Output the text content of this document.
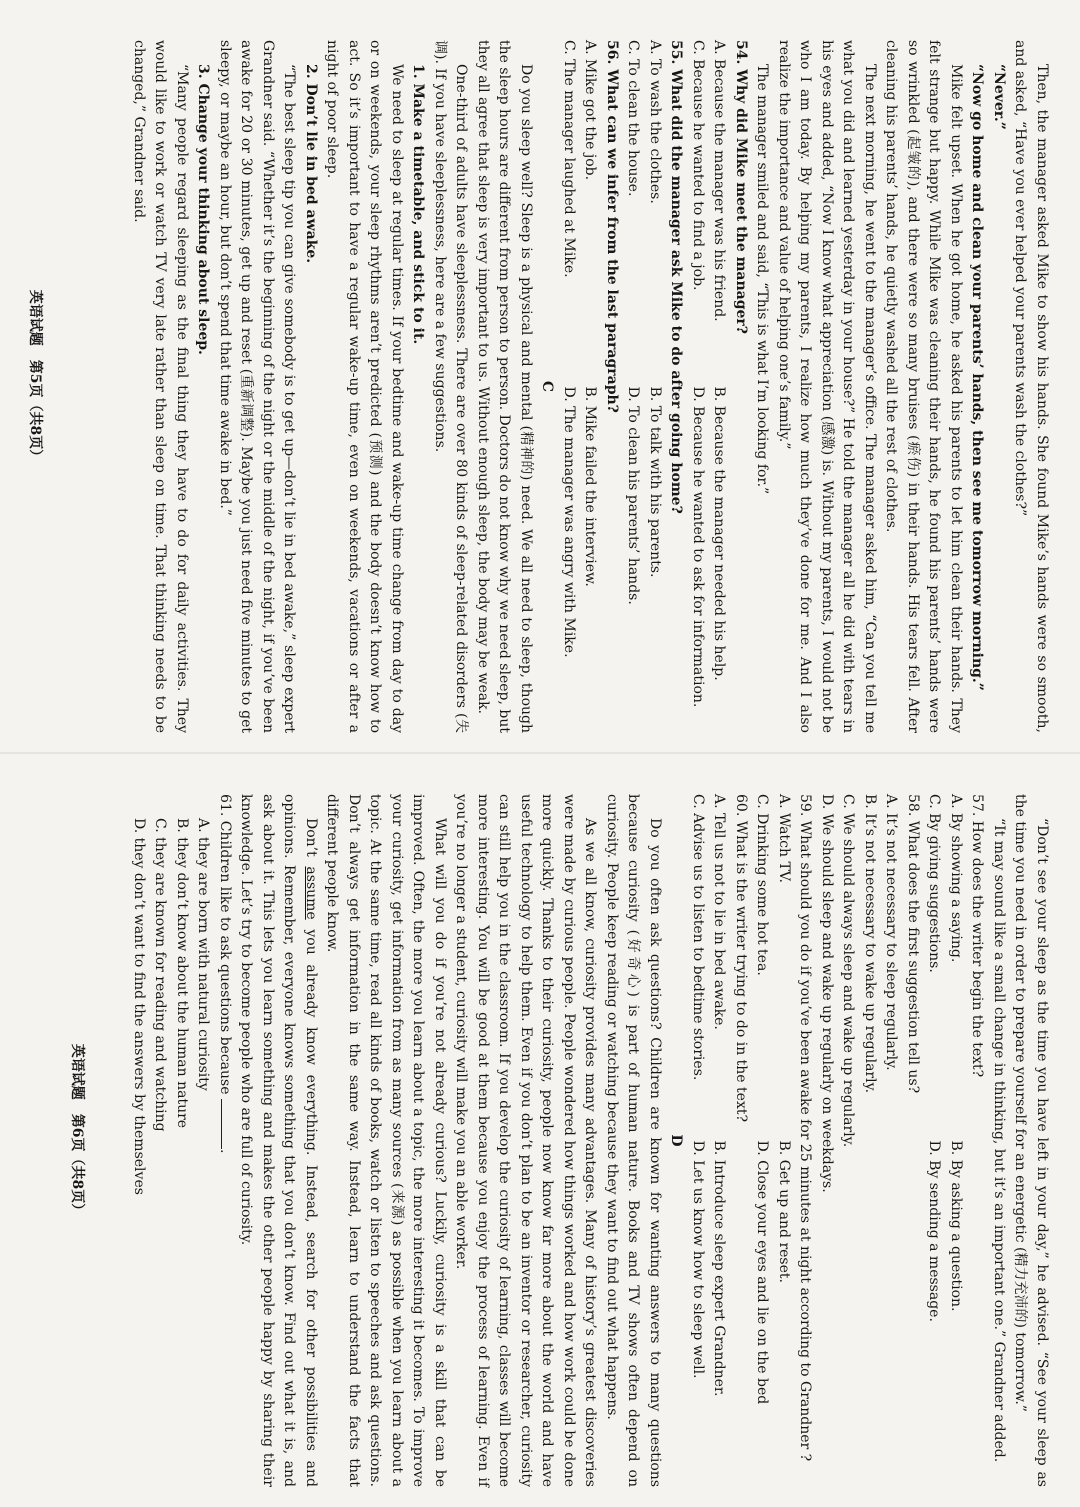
Then, the manager asked Mike to show his hands. She found Mike’s hands were so smooth, and asked, “Have you ever helped your parents wash the clothes?”

“Never.”

“Now go home and clean your parents’ hands, then see me tomorrow morning.”

Mike felt upset. When he got home, he asked his parents to let him clean their hands. They felt strange but happy. While Mike was cleaning their hands, he found his parents’ hands were so wrinkled (起皱的), and there were so many bruises (瘀伤) in their hands. His tears fell. After cleaning his parents’ hands, he quietly washed all the rest of clothes.

The next morning, he went to the manager’s office. The manager asked him, “Can you tell me what you did and learned yesterday in your house?” He told the manager all he did with tears in his eyes and added, “Now I know what appreciation (感激) is. Without my parents, I would not be who I am today. By helping my parents, I realize how much they’ve done for me. And I also realize the importance and value of helping one’s family.”

The manager smiled and said, “This is what I’m looking for.”

54. Why did Mike meet the manager?

A. Because the manager was his friend.
B. Because the manager needed his help.
C. Because he wanted to find a job.
D. Because he wanted to ask for information.

55. What did the manager ask Mike to do after going home?

A. To wash the clothes.
B. To talk with his parents.
C. To clean the house.
D. To clean his parents’ hands.

56. What can we infer from the last paragraph?

A. Mike got the job.
B. Mike failed the interview.
C. The manager laughed at Mike.
D. The manager was angry with Mike.

C

Do you sleep well? Sleep is a physical and mental (精神的) need. We all need to sleep, though the sleep hours are different from person to person. Doctors do not know why we need sleep, but they all agree that sleep is very important to us. Without enough sleep, the body may be weak.

One-third of adults have sleeplessness. There are over 80 kinds of sleep-related disorders (失调). If you have sleeplessness, here are a few suggestions.

1. Make a timetable, and stick to it.

We need to sleep at regular times. If your bedtime and wake-up time change from day to day or on weekends, your sleep rhythms aren’t predicted (预测) and the body doesn’t know how to act. So it’s important to have a regular wake-up time, even on weekends, vacations or after a night of poor sleep.

2. Don’t lie in bed awake.

“The best sleep tip you can give somebody is to get up—don’t lie in bed awake,” sleep expert Grandner said. “Whether it’s the beginning of the night or the middle of the night, if you’ve been awake for 20 or 30 minutes, get up and reset (重新调整). Maybe you just need five minutes to get sleepy, or maybe an hour, but don’t spend that time awake in bed.”

3. Change your thinking about sleep.

“Many people regard sleeping as the final thing they have to do for daily activities. They would like to work or watch TV very late rather than sleep on time. That thinking needs to be changed,” Grandner said.

英语试题　第5页（共8页）

“Don’t see your sleep as the time you have left in your day,” he advised. “See your sleep as the time you need in order to prepare yourself for an energetic (精力充沛的) tomorrow.”

“It may sound like a small change in thinking, but it’s an important one.” Grandner added.

57. How does the writer begin the text?

A. By showing a saying.
B. By asking a question.
C. By giving suggestions.
D. By sending a message.

58. What does the first suggestion tell us?

A. It’s not necessary to sleep regularly.

B. It’s not necessary to wake up regularly.

C. We should always sleep and wake up regularly.

D. We should sleep and wake up regularly on weekdays.

59. What should you do if you’ve been awake for 25 minutes at night according to Grandner ?

A. Watch TV.
B. Get up and reset.
C. Drinking some hot tea.
D. Close your eyes and lie on the bed

60. What is the writer trying to do in the text?

A. Tell us not to lie in bed awake.
B. Introduce sleep expert Grandner.
C. Advise us to listen to bedtime stories.
D. Let us know how to sleep well.

D

Do you often ask questions? Children are known for wanting answers to many questions because curiosity (好奇心) is part of human nature. Books and TV shows often depend on curiosity. People keep reading or watching because they want to find out what happens.

As we all know, curiosity provides many advantages. Many of history’s greatest discoveries were made by curious people. People wondered how things worked and how work could be done more quickly. Thanks to their curiosity, people now know far more about the world and have useful technology to help them. Even if you don’t plan to be an inventor or researcher, curiosity can still help you in the classroom. If you develop the curiosity of learning, classes will become more interesting. You will be good at them because you enjoy the process of learning. Even if you’re no longer a student, curiosity will make you an able worker.

What will you do if you’re not already curious? Luckily, curiosity is a skill that can be improved. Often, the more you learn about a topic, the more interesting it becomes. To improve your curiosity, get information from as many sources (来源) as possible when you learn about a topic. At the same time, read all kinds of books, watch or listen to speeches and ask questions. Don’t always get information in the same way. Instead, learn to understand the facts that different people know.

Don’t assume you already know everything. Instead, search for other possibilities and opinions. Remember, everyone knows something that you don’t know. Find out what it is, and ask about it. This lets you learn something and makes the other people happy by sharing their knowledge. Let’s try to become people who are full of curiosity.

61. Children like to ask questions because .

A. they are born with natural curiosity

B. they don’t know about the human nature

C. they are known for reading and watching

D. they don’t want to find the answers by themselves

英语试题　第6页（共8页）
